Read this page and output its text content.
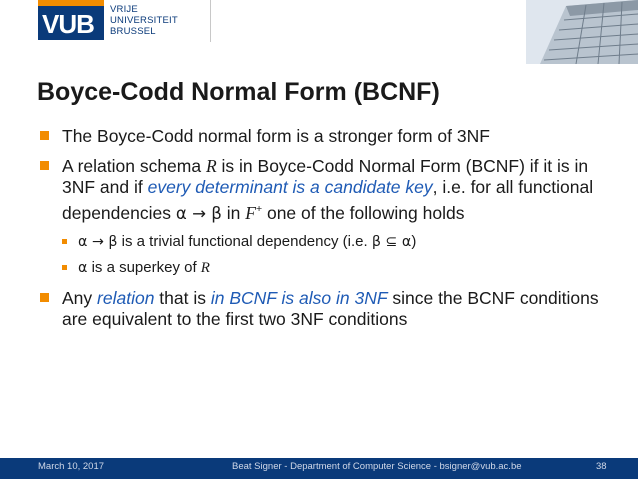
VUB VRIJE
UNIVERSITEIT
BRUSSEL
Boyce-Codd Normal Form (BCNF)
The Boyce-Codd normal form is a stronger form of 3NF
A relation schema R is in Boyce-Codd Normal Form (BCNF) if it is in 3NF and if every determinant is a candidate key, i.e. for all functional dependencies α → β in F+ one of the following holds
α → β is a trivial functional dependency (i.e. β ⊆ α)
α is a superkey of R
Any relation that is in BCNF is also in 3NF since the BCNF conditions are equivalent to the first two 3NF conditions
March 10, 2017	Beat Signer - Department of Computer Science - bsigner@vub.ac.be	38
